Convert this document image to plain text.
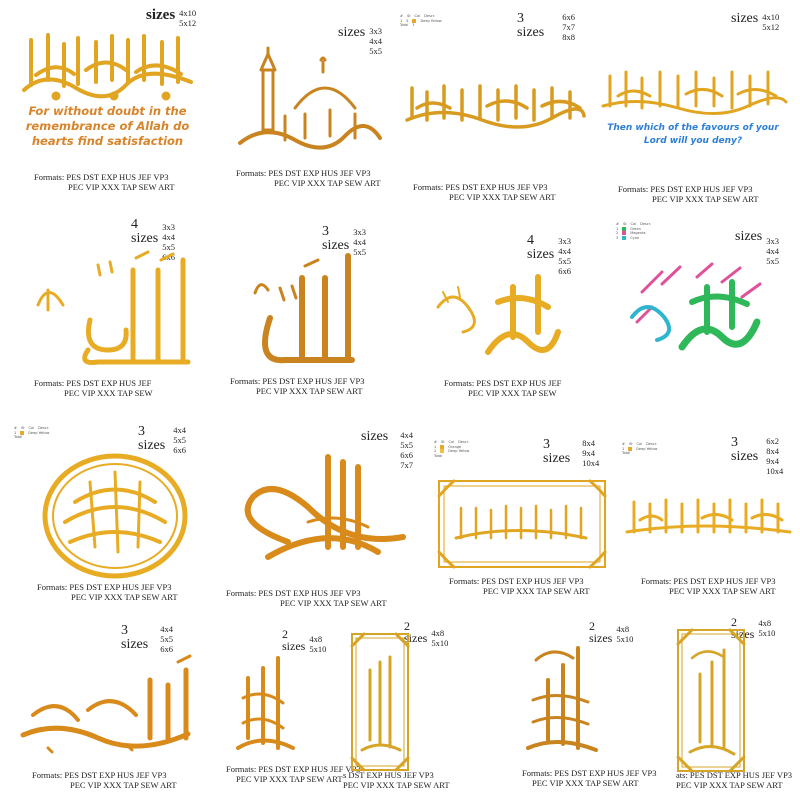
sizes 4x10
5x12
For without doubt in the remembrance of Allah do hearts find satisfaction
Formats: PES DST EXP HUS JEF VP3
PEC VIP XXX TAP SEW ART
sizes 3x3
4x4
5x5
Formats: PES DST EXP HUS JEF VP3
PEC VIP XXX TAP SEW ART
# St Col Descr.
1 5	Deep Yellow
Total 3	3 sizes
6x6
7x7
8x8
Formats: PES DST EXP HUS JEF VP3
PEC VIP XXX TAP SEW ART
sizes 4x10
5x12
Then which of the favours of your Lord will you deny?
Formats: PES DST EXP HUS JEF VP3
PEC VIP XXX TAP SEW ART
4 sizes
3x3
4x4
5x5
6x6
Formats: PES DST EXP HUS JEF
PEC VIP XXX TAP SEW
3 sizes
3x3
4x4
5x5
Formats: PES DST EXP HUS JEF VP3
PEC VIP XXX TAP SEW ART
4 sizes
3x3
4x4
5x5
6x6
Formats: PES DST EXP HUS JEF
PEC VIP XXX TAP SEW
# St Col Descr.
1	Green
2	Magenta
3	Cyan	sizes 3x3
4x4
5x5
# St Col Descr.
1	Deep Yellow
Total	3 sizes
4x4
5x5
6x6
Formats: PES DST EXP HUS JEF VP3
PEC VIP XXX TAP SEW ART
sizes 4x4
5x5
6x6
7x7
Formats: PES DST EXP HUS JEF VP3
PEC VIP XXX TAP SEW ART
# St Col Descr.
1	Orange
2	Deep Yellow
Total
3 sizes
8x4
9x4
10x4
Formats: PES DST EXP HUS JEF VP3
PEC VIP XXX TAP SEW ART
# St Col Descr.
1	Deep Yellow
Total
3 sizes
6x2
8x4
9x4
10x4
Formats: PES DST EXP HUS JEF VP3
PEC VIP XXX TAP SEW ART
3 sizes
4x4
5x5
6x6
Formats: PES DST EXP HUS JEF VP3
PEC VIP XXX TAP SEW ART
2 sizes 4x8
5x10
Formats: PES DST EXP HUS JEF VP3
PEC VIP XXX TAP SEW ART
2 sizes 4x8
5x10
s DST EXP HUS JEF VP3
PEC VIP XXX TAP SEW ART
2 sizes
4x8
5x10
Formats: PES DST EXP HUS JEF VP3
PEC VIP XXX TAP SEW ART
2 sizes
4x8
5x10
ats: PES DST EXP HUS JEF VP3
PEC VIP XXX TAP SEW ART
